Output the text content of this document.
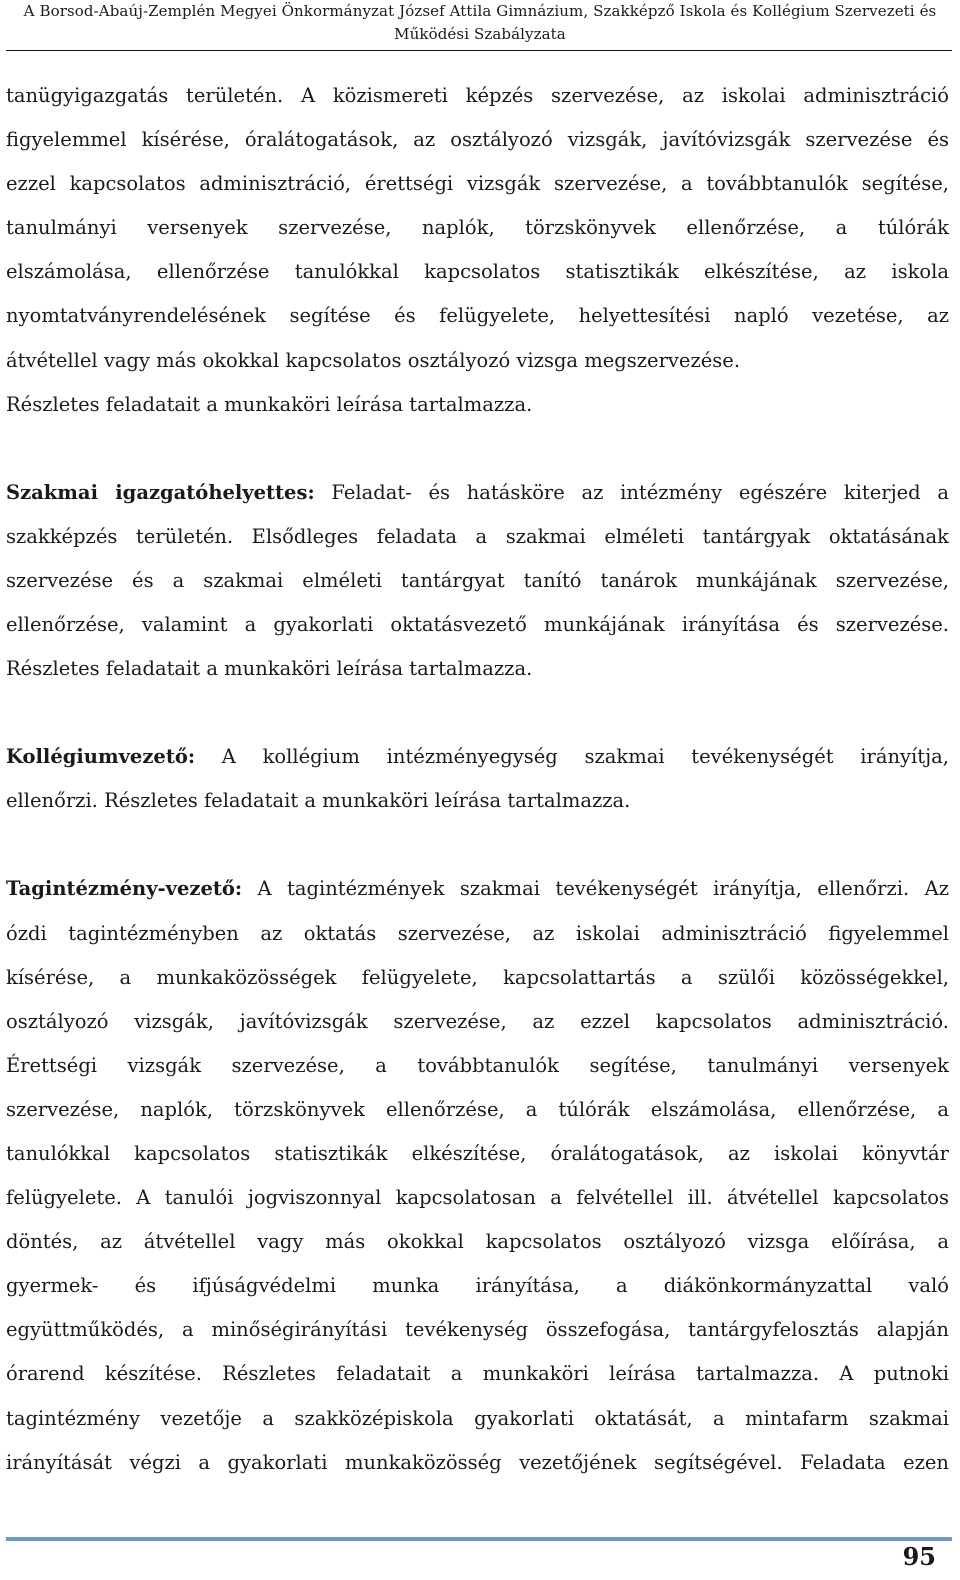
A Borsod-Abaúj-Zemplén Megyei Önkormányzat József Attila Gimnázium, Szakképző Iskola és Kollégium Szervezeti és
Működési Szabályzata

tanügyigazgatás területén. A közismereti képzés szervezése, az iskolai adminisztráció
figyelemmel kísérése, óralátogatások, az osztályozó vizsgák, javítóvizsgák szervezése és
ezzel kapcsolatos adminisztráció, érettségi vizsgák szervezése, a továbbtanulók segítése,
tanulmányi versenyek szervezése, naplók, törzskönyvek ellenőrzése, a túlórák
elszámolása, ellenőrzése tanulókkal kapcsolatos statisztikák elkészítése, az iskola
nyomtatványrendelésének segítése és felügyelete, helyettesítési napló vezetése, az
átvétellel vagy más okokkal kapcsolatos osztályozó vizsga megszervezése.
Részletes feladatait a munkaköri leírása tartalmazza.

Szakmai igazgatóhelyettes: Feladat- és hatásköre az intézmény egészére kiterjed a
szakképzés területén. Elsődleges feladata a szakmai elméleti tantárgyak oktatásának
szervezése és a szakmai elméleti tantárgyat tanító tanárok munkájának szervezése,
ellenőrzése, valamint a gyakorlati oktatásvezető munkájának irányítása és szervezése.
Részletes feladatait a munkaköri leírása tartalmazza.

Kollégiumvezető: A kollégium intézményegység szakmai tevékenységét irányítja,
ellenőrzi. Részletes feladatait a munkaköri leírása tartalmazza.

Tagintézmény-vezető: A tagintézmények szakmai tevékenységét irányítja, ellenőrzi. Az
ózdi tagintézményben az oktatás szervezése, az iskolai adminisztráció figyelemmel
kísérése, a munkaközösségek felügyelete, kapcsolattartás a szülői közösségekkel,
osztályozó vizsgák, javítóvizsgák szervezése, az ezzel kapcsolatos adminisztráció.
Érettségi vizsgák szervezése, a továbbtanulók segítése, tanulmányi versenyek
szervezése, naplók, törzskönyvek ellenőrzése, a túlórák elszámolása, ellenőrzése, a
tanulókkal kapcsolatos statisztikák elkészítése, óralátogatások, az iskolai könyvtár
felügyelete. A tanulói jogviszonnyal kapcsolatosan a felvétellel ill. átvétellel kapcsolatos
döntés, az átvétellel vagy más okokkal kapcsolatos osztályozó vizsga előírása, a
gyermek- és ifjúságvédelmi munka irányítása, a diákönkormányzattal való
együttműködés, a minőségirányítási tevékenység összefogása, tantárgyfelosztás alapján
órarend készítése. Részletes feladatait a munkaköri leírása tartalmazza. A putnoki
tagintézmény vezetője a szakközépiskola gyakorlati oktatását, a mintafarm szakmai
irányítását végzi a gyakorlati munkaközösség vezetőjének segítségével. Feladata ezen

95
